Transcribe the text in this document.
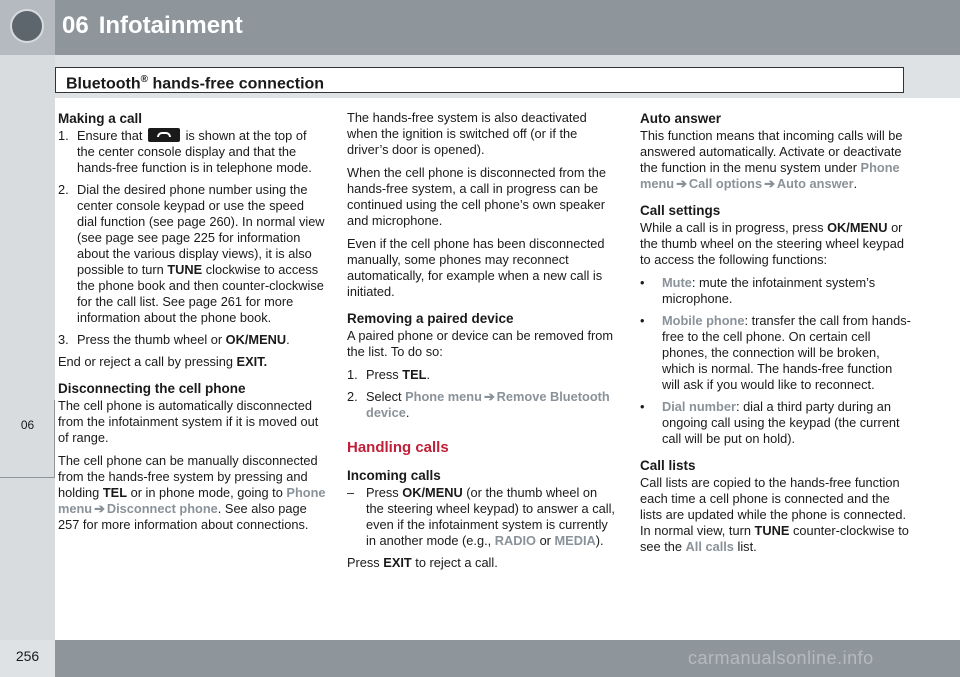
06 Infotainment
06
Bluetooth® hands-free connection
Making a call
1. Ensure that	is shown at the top of the center console display and that the hands-free function is in telephone mode.
2. Dial the desired phone number using the center console keypad or use the speed dial function (see page 260). In normal view (see page see page 225 for information about the various display views), it is also possible to turn TUNE clockwise to access the phone book and then counter-clockwise for the call list. See page 261 for more information about the phone book.
3. Press the thumb wheel or OK/MENU.

End or reject a call by pressing EXIT.

Disconnecting the cell phone

The cell phone is automatically disconnected from the infotainment system if it is moved out of range.

The cell phone can be manually disconnected from the hands-free system by pressing and holding TEL or in phone mode, going to Phone menu ➔ Disconnect phone. See also page 257 for more information about connections.

The hands-free system is also deactivated when the ignition is switched off (or if the driver’s door is opened).

When the cell phone is disconnected from the hands-free system, a call in progress can be continued using the cell phone’s own speaker and microphone.

Even if the cell phone has been disconnected manually, some phones may reconnect automatically, for example when a new call is initiated.

Removing a paired device

A paired phone or device can be removed from the list. To do so:

1. Press TEL.
2. Select Phone menu ➔ Remove Bluetooth device.
Handling calls
Incoming calls
– Press OK/MENU (or the thumb wheel on the steering wheel keypad) to answer a call, even if the infotainment system is currently in another mode (e.g., RADIO or MEDIA).

Press EXIT to reject a call.

Auto answer

This function means that incoming calls will be answered automatically. Activate or deactivate the function in the menu system under Phone menu ➔ Call options ➔ Auto answer.

Call settings

While a call is in progress, press OK/MENU or the thumb wheel on the steering wheel keypad to access the following functions:

• Mute: mute the infotainment system’s microphone.
• Mobile phone: transfer the call from hands-free to the cell phone. On certain cell phones, the connection will be broken, which is normal. The hands-free function will ask if you would like to reconnect.
• Dial number: dial a third party during an ongoing call using the keypad (the current call will be put on hold).
Call lists

Call lists are copied to the hands-free function each time a cell phone is connected and the lists are updated while the phone is connected. In normal view, turn TUNE counter-clockwise to see the All calls list.

256	carmanualsonline.info
